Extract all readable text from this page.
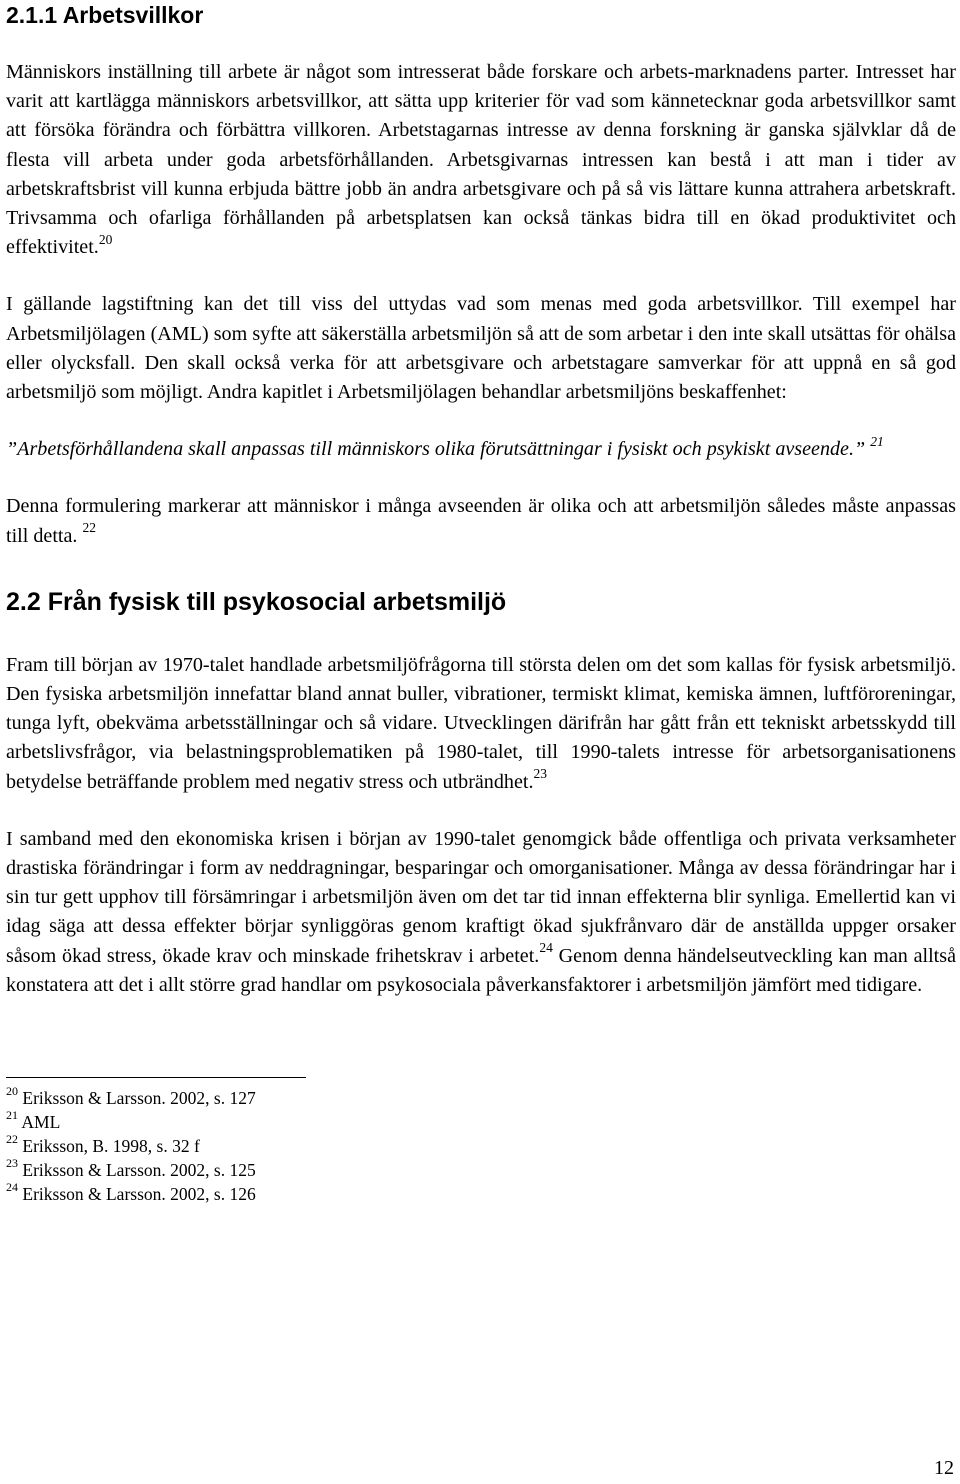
2.1.1 Arbetsvillkor

Människors inställning till arbete är något som intresserat både forskare och arbets-marknadens parter. Intresset har varit att kartlägga människors arbetsvillkor, att sätta upp kriterier för vad som kännetecknar goda arbetsvillkor samt att försöka förändra och förbättra villkoren. Arbetstagarnas intresse av denna forskning är ganska självklar då de flesta vill arbeta under goda arbetsförhållanden. Arbetsgivarnas intressen kan bestå i att man i tider av arbetskraftsbrist vill kunna erbjuda bättre jobb än andra arbetsgivare och på så vis lättare kunna attrahera arbetskraft. Trivsamma och ofarliga förhållanden på arbetsplatsen kan också tänkas bidra till en ökad produktivitet och effektivitet.$^{20}$

I gällande lagstiftning kan det till viss del uttydas vad som menas med goda arbetsvillkor. Till exempel har Arbetsmiljölagen (AML) som syfte att säkerställa arbetsmiljön så att de som arbetar i den inte skall utsättas för ohälsa eller olycksfall. Den skall också verka för att arbetsgivare och arbetstagare samverkar för att uppnå en så god arbetsmiljö som möjligt. Andra kapitlet i Arbetsmiljölagen behandlar arbetsmiljöns beskaffenhet:

”Arbetsförhållandena skall anpassas till människors olika förutsättningar i fysiskt och psykiskt avseende.” $^{21}$

Denna formulering markerar att människor i många avseenden är olika och att arbetsmiljön således måste anpassas till detta. $^{22}$

2.2 Från fysisk till psykosocial arbetsmiljö

Fram till början av 1970-talet handlade arbetsmiljöfrågorna till största delen om det som kallas för fysisk arbetsmiljö. Den fysiska arbetsmiljön innefattar bland annat buller, vibrationer, termiskt klimat, kemiska ämnen, luftföroreningar, tunga lyft, obekväma arbetsställningar och så vidare. Utvecklingen därifrån har gått från ett tekniskt arbetsskydd till arbetslivsfrågor, via belastningsproblematiken på 1980-talet, till 1990-talets intresse för arbetsorganisationens betydelse beträffande problem med negativ stress och utbrändhet.$^{23}$

I samband med den ekonomiska krisen i början av 1990-talet genomgick både offentliga och privata verksamheter drastiska förändringar i form av neddragningar, besparingar och omorganisationer. Många av dessa förändringar har i sin tur gett upphov till försämringar i arbetsmiljön även om det tar tid innan effekterna blir synliga. Emellertid kan vi idag säga att dessa effekter börjar synliggöras genom kraftigt ökad sjukfrånvaro där de anställda uppger orsaker såsom ökad stress, ökade krav och minskade frihetskrav i arbetet.$^{24}$ Genom denna händelseutveckling kan man alltså konstatera att det i allt större grad handlar om psykosociala påverkansfaktorer i arbetsmiljön jämfört med tidigare.

$^{20}$ Eriksson & Larsson. 2002, s. 127
$^{21}$ AML
$^{22}$ Eriksson, B. 1998, s. 32 f
$^{23}$ Eriksson & Larsson. 2002, s. 125
$^{24}$ Eriksson & Larsson. 2002, s. 126
12
